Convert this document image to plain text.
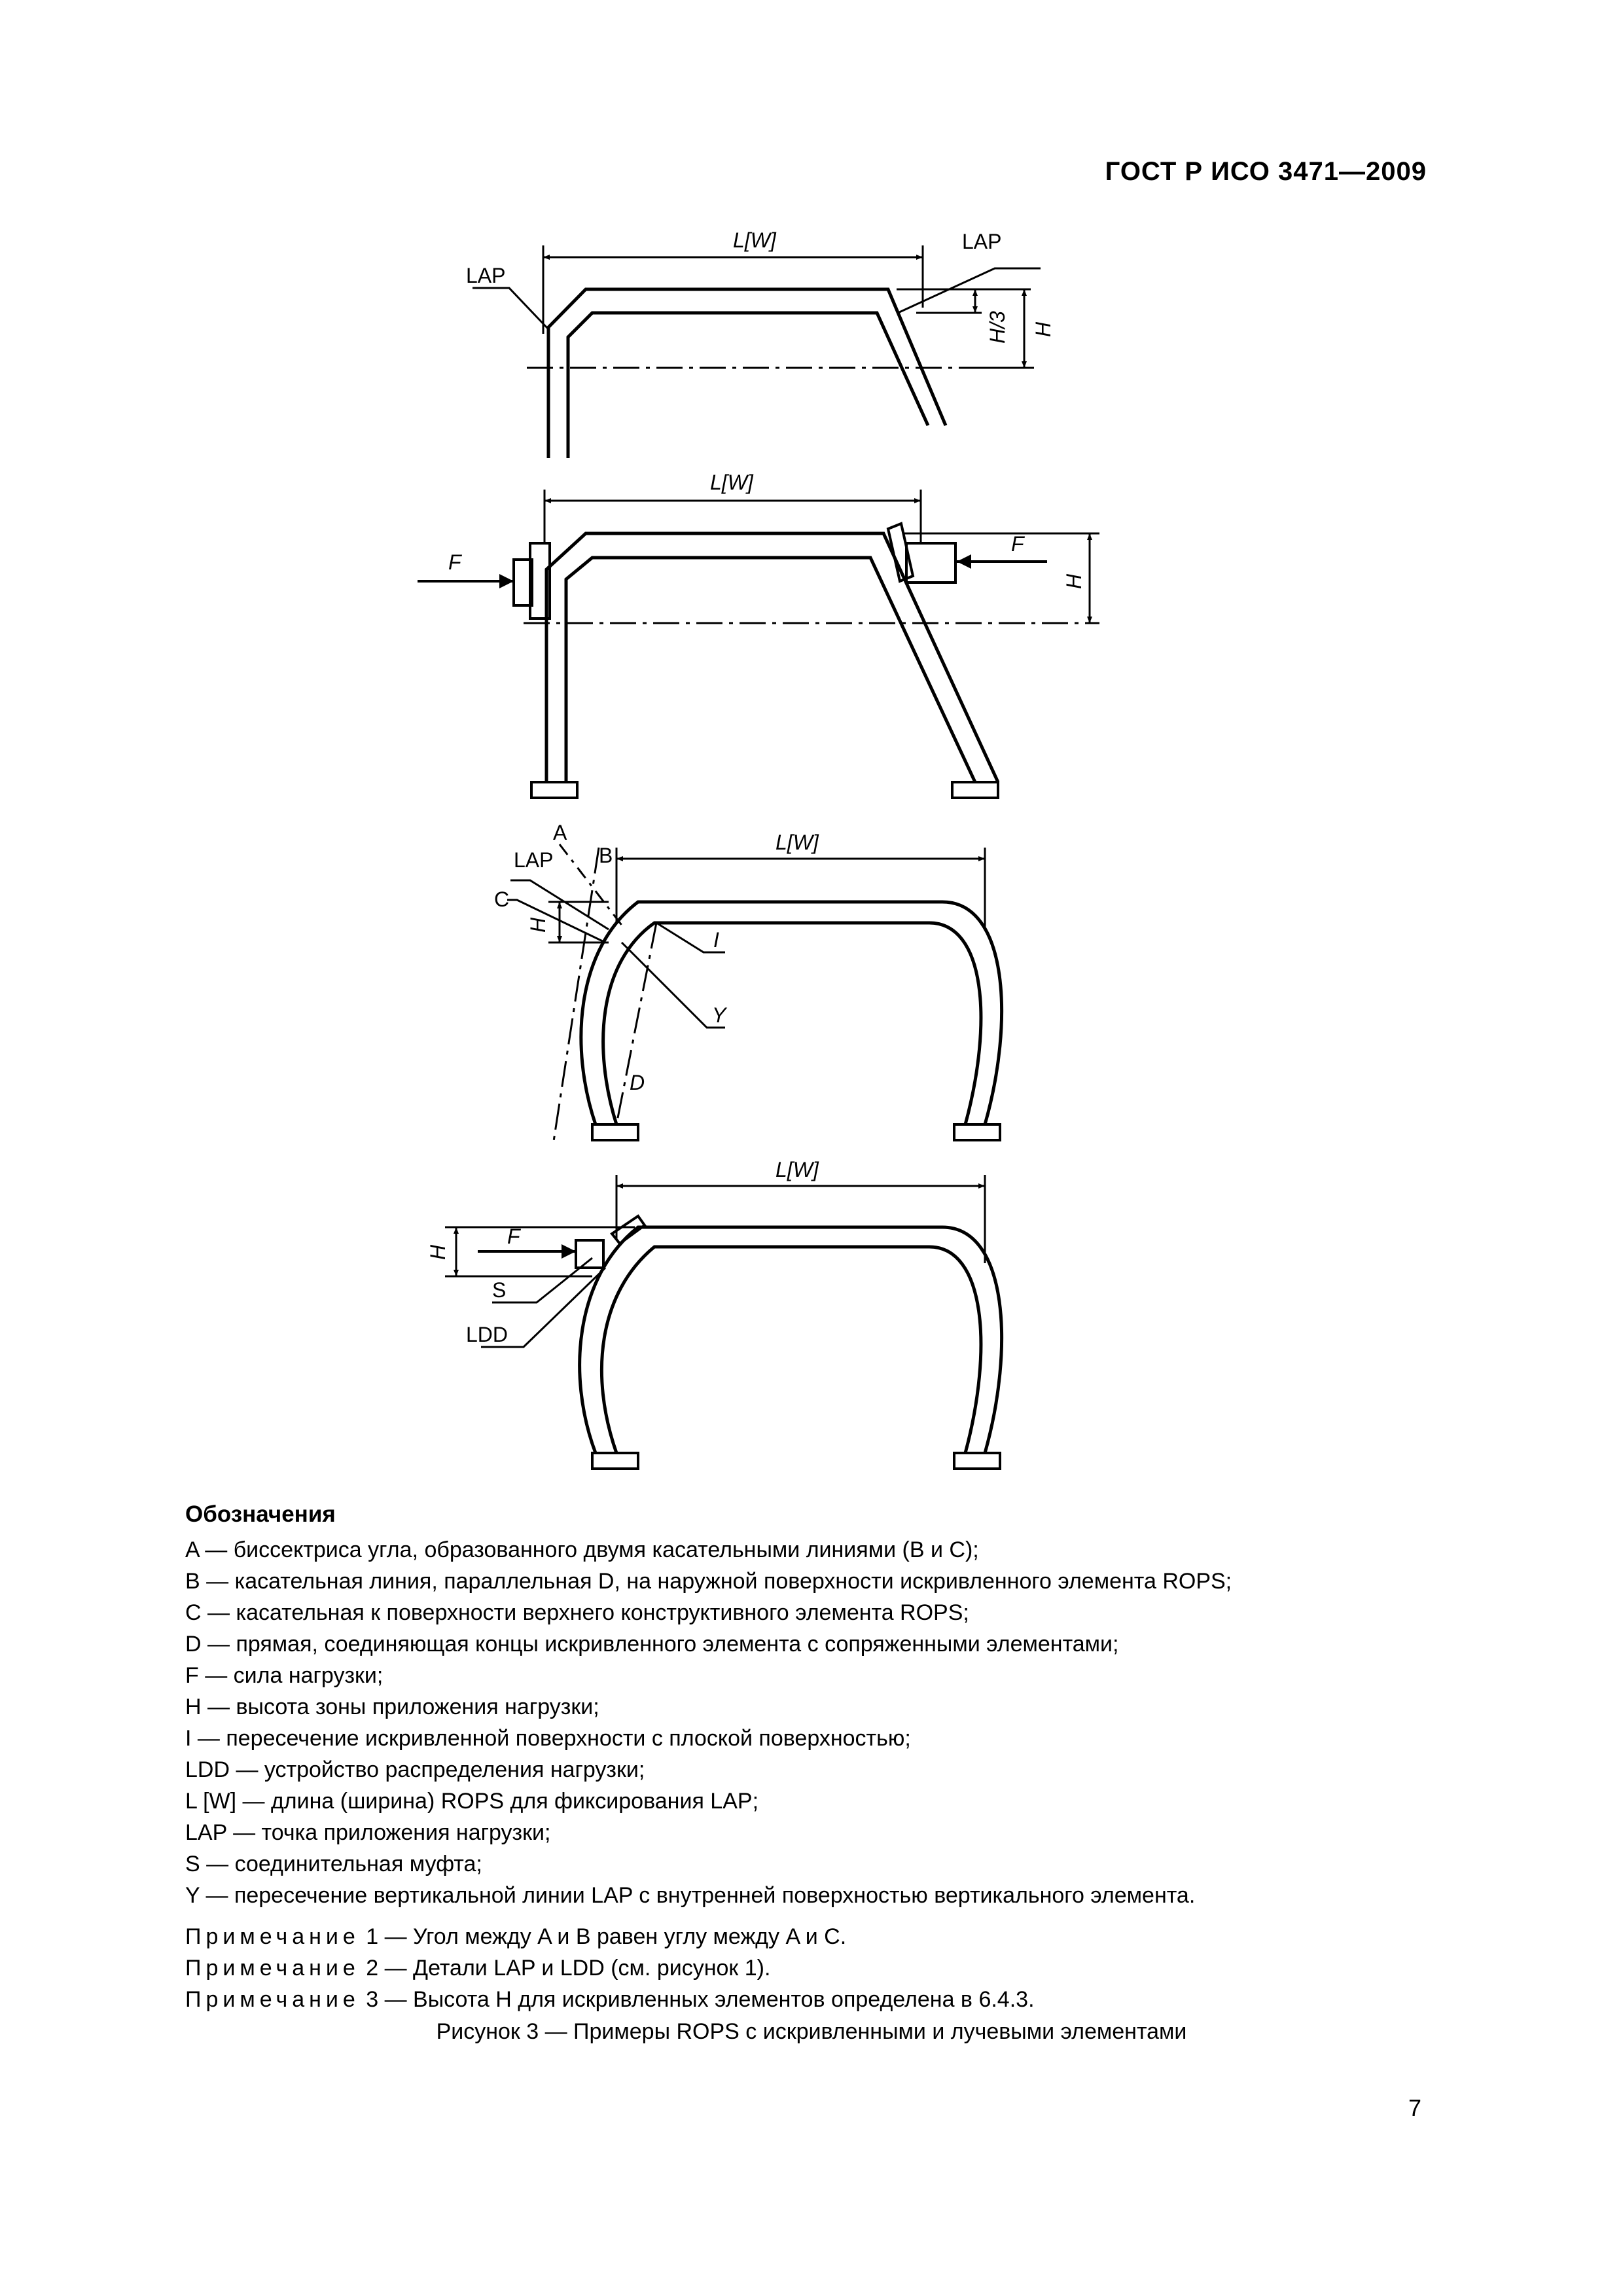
ГОСТ Р ИСО 3471—2009
L[W]
LAP
LAP
H/3 H
L[W]
F
F
H
L[W]
A
B
LAP
C
H
I
Y
D
L[W]
F
H
S
LDD
Обозначения
A — биссектриса угла, образованного двумя касательными линиями (B и C);
B — касательная линия, параллельная D, на наружной поверхности искривленного элемента ROPS;
C — касательная к поверхности верхнего конструктивного элемента ROPS;
D — прямая, соединяющая концы искривленного элемента с сопряженными элементами;
F — сила нагрузки;
H — высота зоны приложения нагрузки;
I — пересечение искривленной поверхности с плоской поверхностью;
LDD — устройство распределения нагрузки;
L [W] — длина (ширина) ROPS для фиксирования LAP;
LAP — точка приложения нагрузки;
S — соединительная муфта;
Y — пересечение вертикальной линии LAP с внутренней поверхностью вертикального элемента.
Примечание 1 — Угол между A и B равен углу между A и C.
Примечание 2 — Детали LAP и LDD (см. рисунок 1).
Примечание 3 — Высота H для искривленных элементов определена в 6.4.3.
Рисунок 3 — Примеры ROPS с искривленными и лучевыми элементами
7
